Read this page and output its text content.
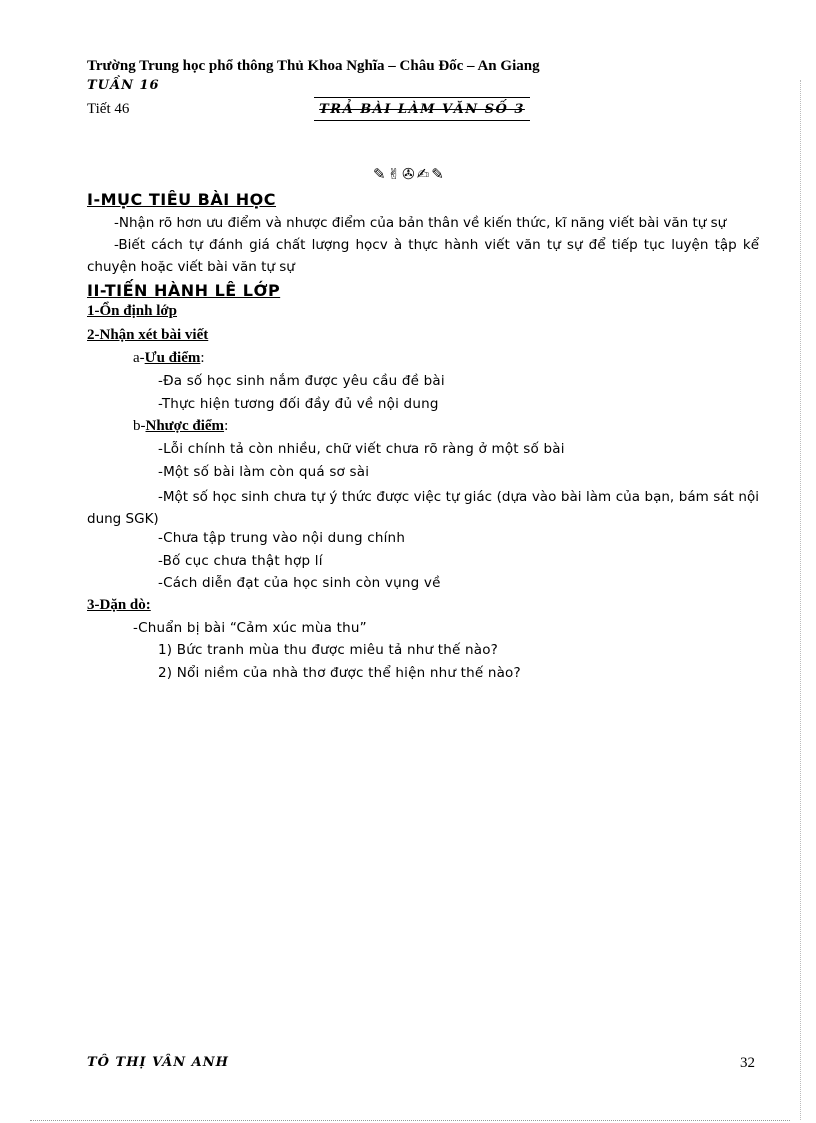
Trường Trung học phổ thông Thủ Khoa Nghĩa – Châu Đốc – An Giang
TUẦN 16
Tiết 46	TRẢ BÀI LÀM VĂN SỐ 3
✎✌✇✍✎
I-MỤC TIÊU BÀI HỌC
-Nhận rõ hơn ưu điểm và nhược điểm của bản thân về kiến thức, kĩ năng viết bài văn tự sự
-Biết cách tự đánh giá chất lượng họcv à thực hành viết văn tự sự để tiếp tục luyện tập kể chuyện hoặc viết bài văn tự sự
II-TIẾN HÀNH LÊ LỚP
1-Ổn định lớp
2-Nhận xét bài viết
a-Ưu điểm:
-Đa số học sinh nắm được yêu cầu đề bài
-Thực hiện tương đối đầy đủ về nội dung
b-Nhược điểm:
-Lỗi chính tả còn nhiều, chữ viết chưa rõ ràng ở một số bài
-Một số bài làm còn quá sơ sài
-Một số học sinh chưa tự ý thức được việc tự giác (dựa vào bài làm của bạn, bám sát nội dung SGK)
-Chưa tập trung vào nội dung chính
-Bố cục chưa thật hợp lí
-Cách diễn đạt của học sinh còn vụng về
3-Dặn dò:
-Chuẩn bị bài “Cảm xúc mùa thu”
1) Bức tranh mùa thu được miêu tả như thế nào?
2) Nổi niềm của nhà thơ được thể hiện như thế nào?
TÔ THỊ VÂN ANH	32
